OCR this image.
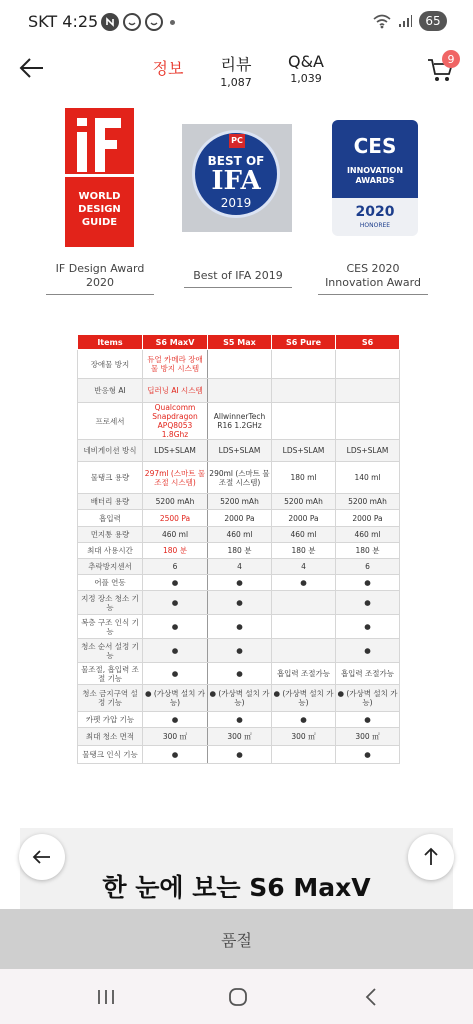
SKT 4:25	65
정보	리뷰
1,087
Q&A
1,039
9
WORLD
DESIGN
GUIDE
PC
BEST OF
IFA
2019
CES
INNOVATION
AWARDS
2020
HONOREE
IF Design Award 2020
Best of IFA 2019
CES 2020 Innovation Award
Items	S6 MaxV	S5 Max	S6 Pure	S6
장애물 방지	듀얼 카메라 장애물 방지 시스템			
반응형 AI	딥러닝 AI 시스템			
프로세서	Qualcomm Snapdragon APQ8053 1.8Ghz	AllwinnerTech R16 1.2GHz		
네비게이션 방식	LDS+SLAM	LDS+SLAM	LDS+SLAM	LDS+SLAM
물탱크 용량	297ml (스마트 물조절 시스템)	290ml (스마트 물조절 시스템)	180 ml	140 ml
배터리 용량	5200 mAh	5200 mAh	5200 mAh	5200 mAh
흡입력	2500 Pa	2000 Pa	2000 Pa	2000 Pa
먼지통 용량	460 ml	460 ml	460 ml	460 ml
최대 사용시간	180 분	180 분	180 분	180 분
추락방지센서	6	4	4	6
어플 연동	●	●	●	●
지정 장소 청소 기능	●	●		●
복층 구조 인식 기능	●	●		●
청소 순서 설정 기능	●	●		●
물조절, 흡입력 조절 기능	●	●	흡입력 조절가능	흡입력 조절가능
청소 금지구역 설정 기능	● (가상벽 설치 가능)	● (가상벽 설치 가능)	● (가상벽 설치 가능)	● (가상벽 설치 가능)
카펫 가압 기능	●	●	●	●
최대 청소 면적	300 ㎡	300 ㎡	300 ㎡	300 ㎡
물탱크 인식 기능	●	●		●
한 눈에 보는 S6 MaxV
품절
